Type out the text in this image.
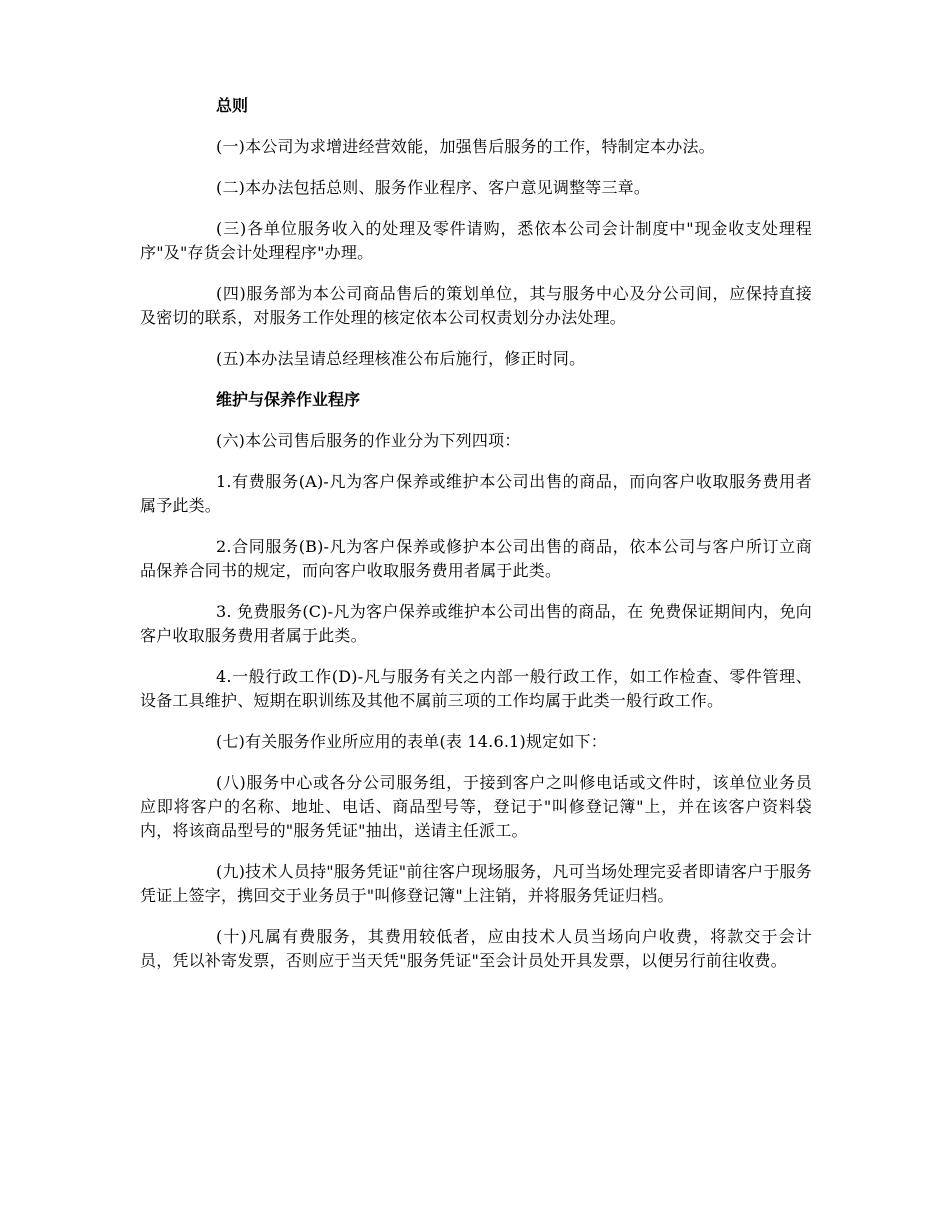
总则

(一)本公司为求增进经营效能，加强售后服务的工作，特制定本办法。

(二)本办法包括总则、服务作业程序、客户意见调整等三章。

(三)各单位服务收入的处理及零件请购，悉依本公司会计制度中"现金收支处理程序"及"存货会计处理程序"办理。

(四)服务部为本公司商品售后的策划单位，其与服务中心及分公司间，应保持直接及密切的联系，对服务工作处理的核定依本公司权责划分办法处理。

(五)本办法呈请总经理核准公布后施行，修正时同。

维护与保养作业程序

(六)本公司售后服务的作业分为下列四项：

1.有费服务(A)-凡为客户保养或维护本公司出售的商品，而向客户收取服务费用者属予此类。

2.合同服务(B)-凡为客户保养或修护本公司出售的商品，依本公司与客户所订立商品保养合同书的规定，而向客户收取服务费用者属于此类。

3. 免费服务(C)-凡为客户保养或维护本公司出售的商品，在 免费保证期间内，免向客户收取服务费用者属于此类。

4.一般行政工作(D)-凡与服务有关之内部一般行政工作，如工作检查、零件管理、设备工具维护、短期在职训练及其他不属前三项的工作均属于此类一般行政工作。

(七)有关服务作业所应用的表单(表 14.6.1)规定如下：

(八)服务中心或各分公司服务组，于接到客户之叫修电话或文件时，该单位业务员应即将客户的名称、地址、电话、商品型号等，登记于"叫修登记簿"上，并在该客户资料袋内，将该商品型号的"服务凭证"抽出，送请主任派工。

(九)技术人员持"服务凭证"前往客户现场服务，凡可当场处理完妥者即请客户于服务凭证上签字，携回交于业务员于"叫修登记簿"上注销，并将服务凭证归档。

(十)凡属有费服务，其费用较低者，应由技术人员当场向户收费，将款交于会计员，凭以补寄发票，否则应于当天凭"服务凭证"至会计员处开具发票，以便另行前往收费。
